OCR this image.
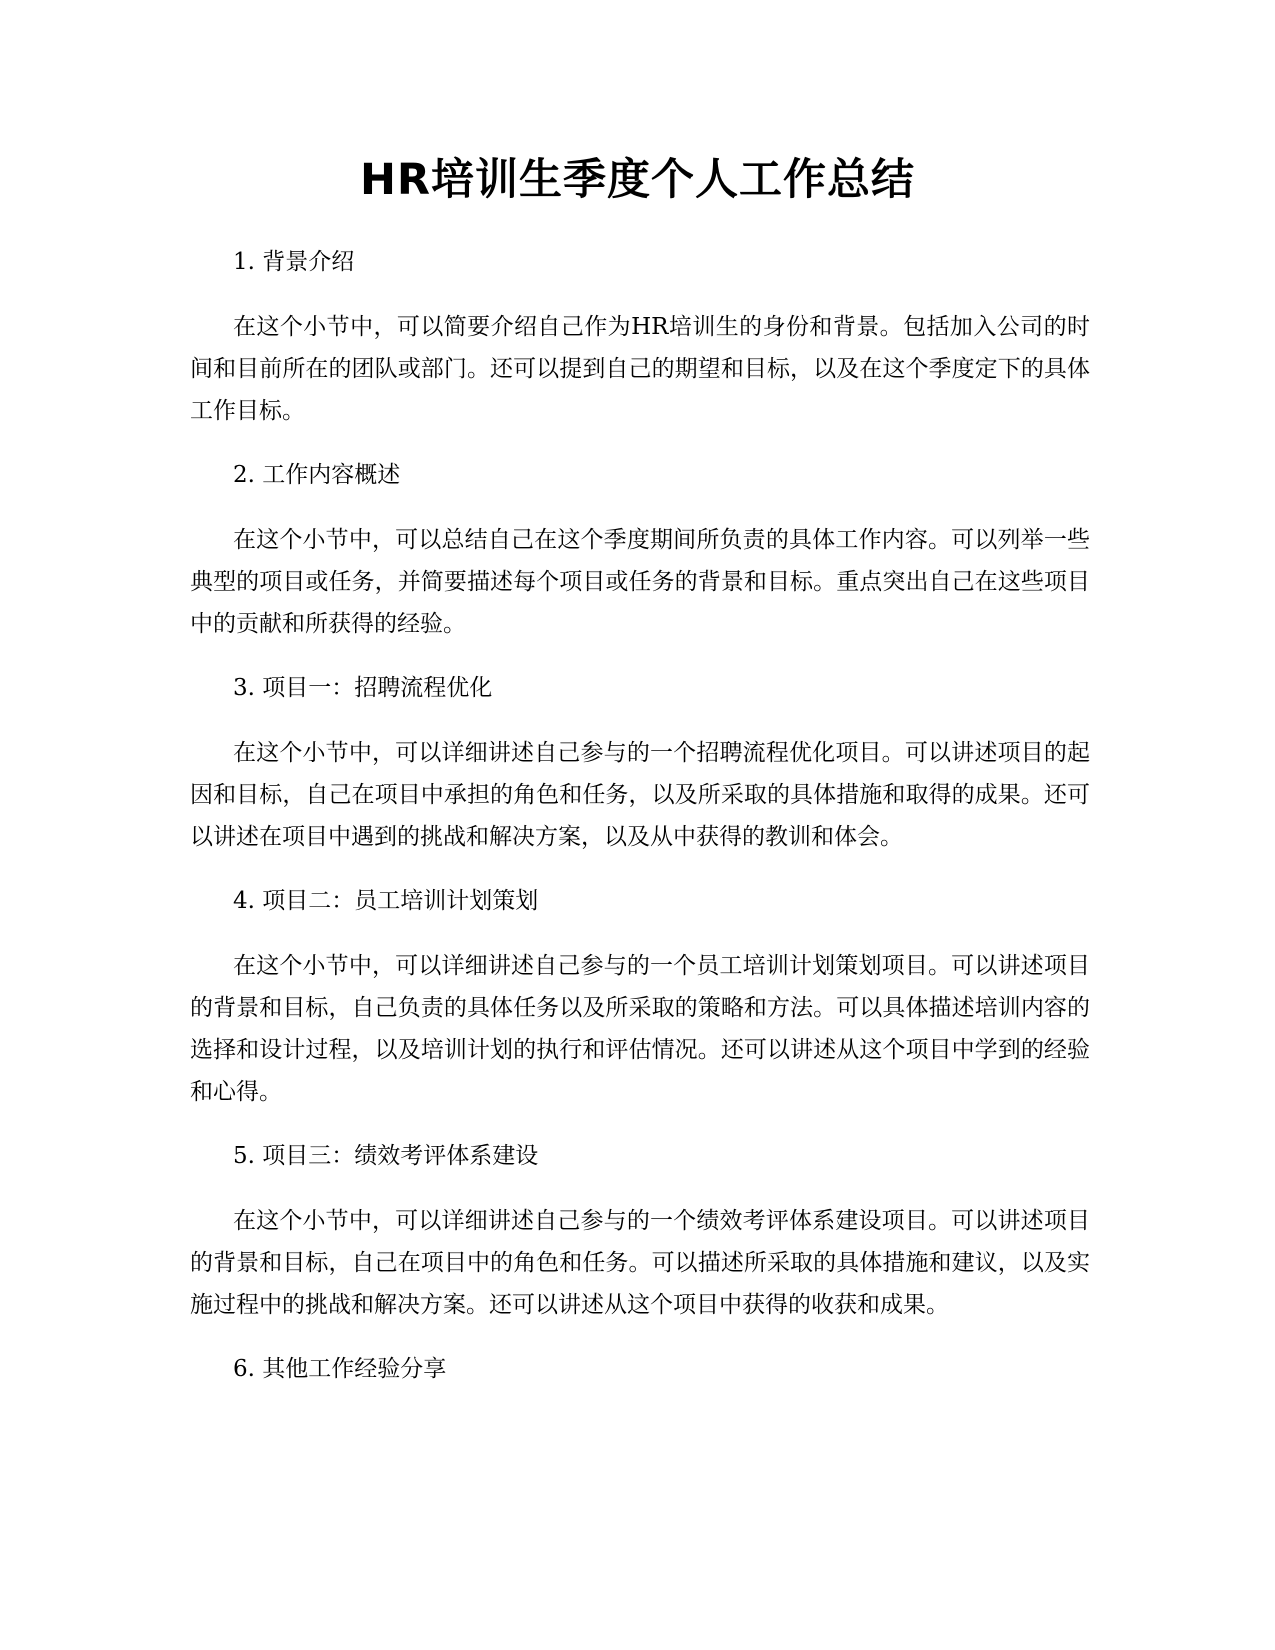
HR培训生季度个人工作总结
1. 背景介绍

在这个小节中，可以简要介绍自己作为HR培训生的身份和背景。包括加入公司的时间和目前所在的团队或部门。还可以提到自己的期望和目标，以及在这个季度定下的具体工作目标。

2. 工作内容概述

在这个小节中，可以总结自己在这个季度期间所负责的具体工作内容。可以列举一些典型的项目或任务，并简要描述每个项目或任务的背景和目标。重点突出自己在这些项目中的贡献和所获得的经验。

3. 项目一：招聘流程优化

在这个小节中，可以详细讲述自己参与的一个招聘流程优化项目。可以讲述项目的起因和目标，自己在项目中承担的角色和任务，以及所采取的具体措施和取得的成果。还可以讲述在项目中遇到的挑战和解决方案，以及从中获得的教训和体会。

4. 项目二：员工培训计划策划

在这个小节中，可以详细讲述自己参与的一个员工培训计划策划项目。可以讲述项目的背景和目标，自己负责的具体任务以及所采取的策略和方法。可以具体描述培训内容的选择和设计过程，以及培训计划的执行和评估情况。还可以讲述从这个项目中学到的经验和心得。

5. 项目三：绩效考评体系建设

在这个小节中，可以详细讲述自己参与的一个绩效考评体系建设项目。可以讲述项目的背景和目标，自己在项目中的角色和任务。可以描述所采取的具体措施和建议，以及实施过程中的挑战和解决方案。还可以讲述从这个项目中获得的收获和成果。

6. 其他工作经验分享
